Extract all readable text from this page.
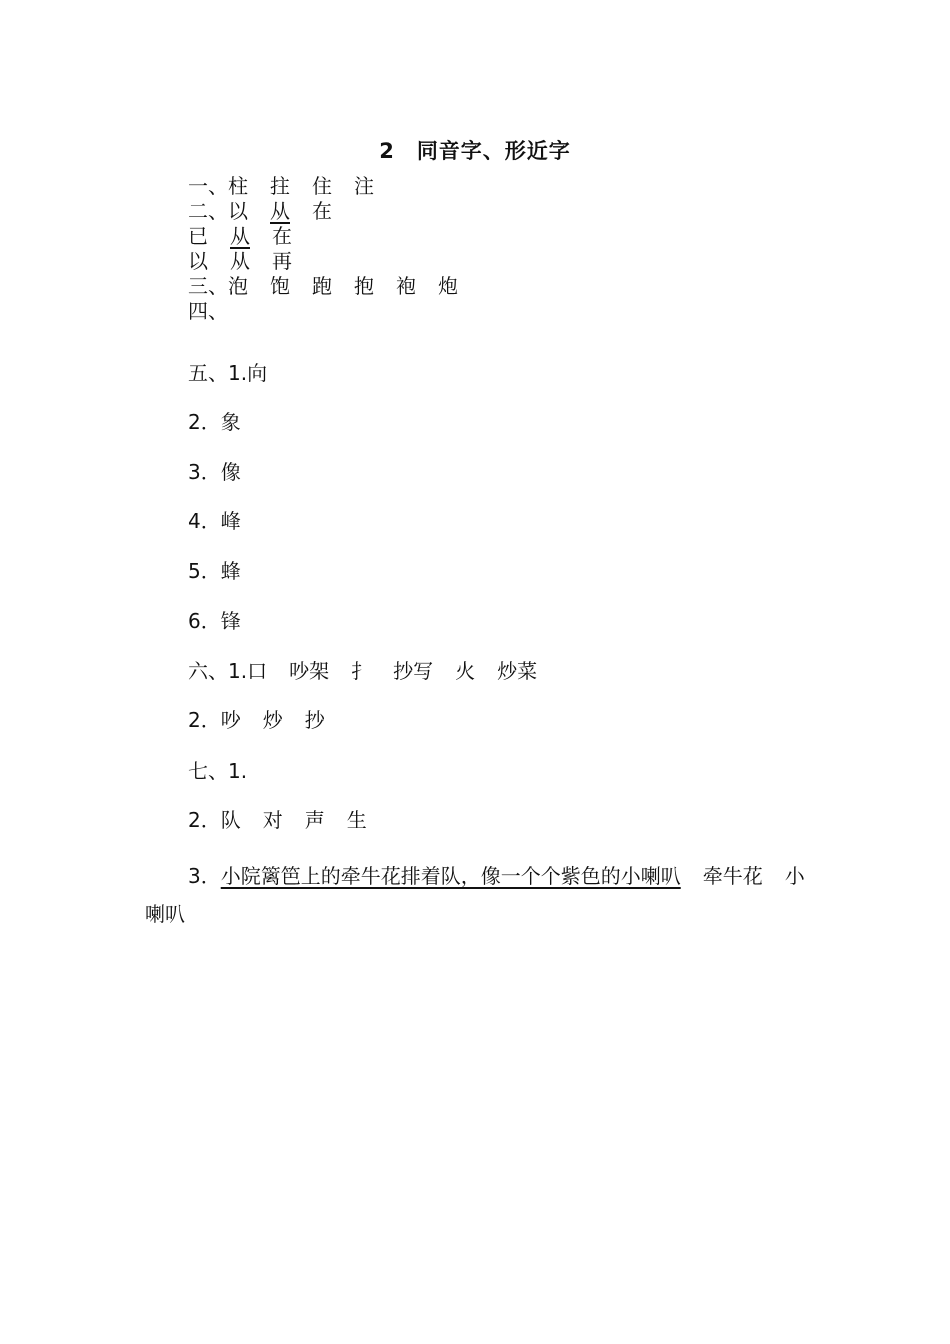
2 同音字、形近字
一、柱 拄 住 注
二、以 从 在
已 从 在
以 从 再
三、泡 饱 跑 抱 袍 炮
四、
五、1.向
2．象
3．像
4．峰
5．蜂
6．锋
六、1.口 吵架 扌 抄写 火 炒菜
2．吵 炒 抄
七、1.
2．队 对 声 生
3．小院篱笆上的牵牛花排着队，像一个个紫色的小喇叭 牵牛花 小喇叭
